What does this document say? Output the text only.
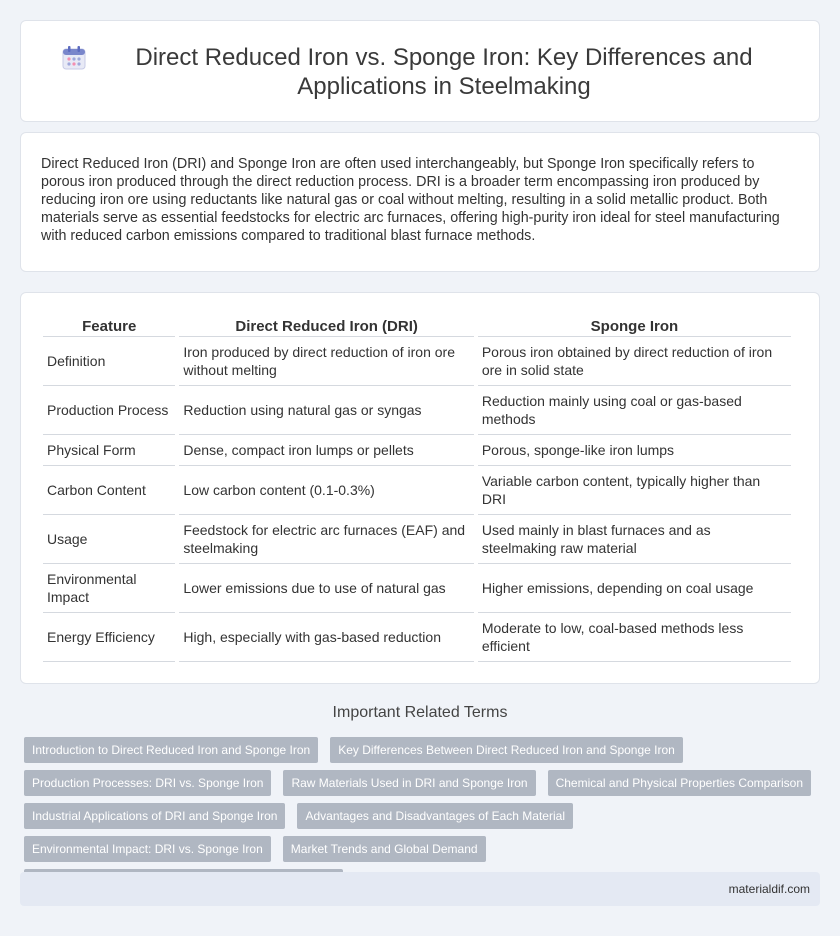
Direct Reduced Iron vs. Sponge Iron: Key Differences and Applications in Steelmaking

Direct Reduced Iron (DRI) and Sponge Iron are often used interchangeably, but Sponge Iron specifically refers to porous iron produced through the direct reduction process. DRI is a broader term encompassing iron produced by reducing iron ore using reductants like natural gas or coal without melting, resulting in a solid metallic product. Both materials serve as essential feedstocks for electric arc furnaces, offering high-purity iron ideal for steel manufacturing with reduced carbon emissions compared to traditional blast furnace methods.

Feature	Direct Reduced Iron (DRI)	Sponge Iron
Definition	Iron produced by direct reduction of iron ore without melting	Porous iron obtained by direct reduction of iron ore in solid state
Production Process	Reduction using natural gas or syngas	Reduction mainly using coal or gas-based methods
Physical Form	Dense, compact iron lumps or pellets	Porous, sponge-like iron lumps
Carbon Content	Low carbon content (0.1-0.3%)	Variable carbon content, typically higher than DRI
Usage	Feedstock for electric arc furnaces (EAF) and steelmaking	Used mainly in blast furnaces and as steelmaking raw material
Environmental Impact	Lower emissions due to use of natural gas	Higher emissions, depending on coal usage
Energy Efficiency	High, especially with gas-based reduction	Moderate to low, coal-based methods less efficient
Important Related Terms
Introduction to Direct Reduced Iron and Sponge Iron	Key Differences Between Direct Reduced Iron and Sponge Iron
Production Processes: DRI vs. Sponge Iron	Raw Materials Used in DRI and Sponge Iron	Chemical and Physical Properties Comparison
Industrial Applications of DRI and Sponge Iron	Advantages and Disadvantages of Each Material
Environmental Impact: DRI vs. Sponge Iron	Market Trends and Global Demand
materialdif.com
